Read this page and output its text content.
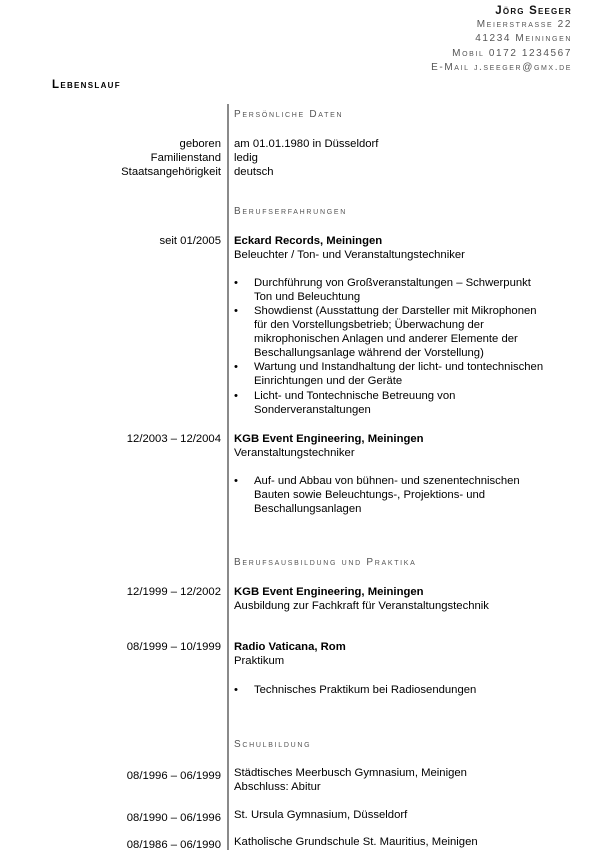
Jörg Seeger
Meierstrasse 22
41234 Meiningen
Mobil 0172 1234567
E-Mail j.seeger@gmx.de
Lebenslauf
Persönliche Daten
geboren am 01.01.1980 in Düsseldorf
Familienstand ledig
Staatsangehörigkeit deutsch
Berufserfahrungen
seit 01/2005 Eckard Records, Meiningen
Beleuchter / Ton- und Veranstaltungstechniker
• Durchführung von Großveranstaltungen – Schwerpunkt
Ton und Beleuchtung
• Showdienst (Ausstattung der Darsteller mit Mikrophonen
für den Vorstellungsbetrieb; Überwachung der
mikrophonischen Anlagen und anderer Elemente der
Beschallungsanlage während der Vorstellung)
• Wartung und Instandhaltung der licht- und tontechnischen
Einrichtungen und der Geräte
• Licht- und Tontechnische Betreuung von
Sonderveranstaltungen
12/2003 – 12/2004 KGB Event Engineering, Meiningen
Veranstaltungstechniker
• Auf- und Abbau von bühnen- und szenentechnischen
Bauten sowie Beleuchtungs-, Projektions- und
Beschallungsanlagen
Berufsausbildung und Praktika
12/1999 – 12/2002 KGB Event Engineering, Meiningen
Ausbildung zur Fachkraft für Veranstaltungstechnik
08/1999 – 10/1999 Radio Vaticana, Rom
Praktikum
• Technisches Praktikum bei Radiosendungen
Schulbildung
08/1996 – 06/1999 Städtisches Meerbusch Gymnasium, Meinigen
Abschluss: Abitur
08/1990 – 06/1996 St. Ursula Gymnasium, Düsseldorf
08/1986 – 06/1990 Katholische Grundschule St. Mauritius, Meinigen
